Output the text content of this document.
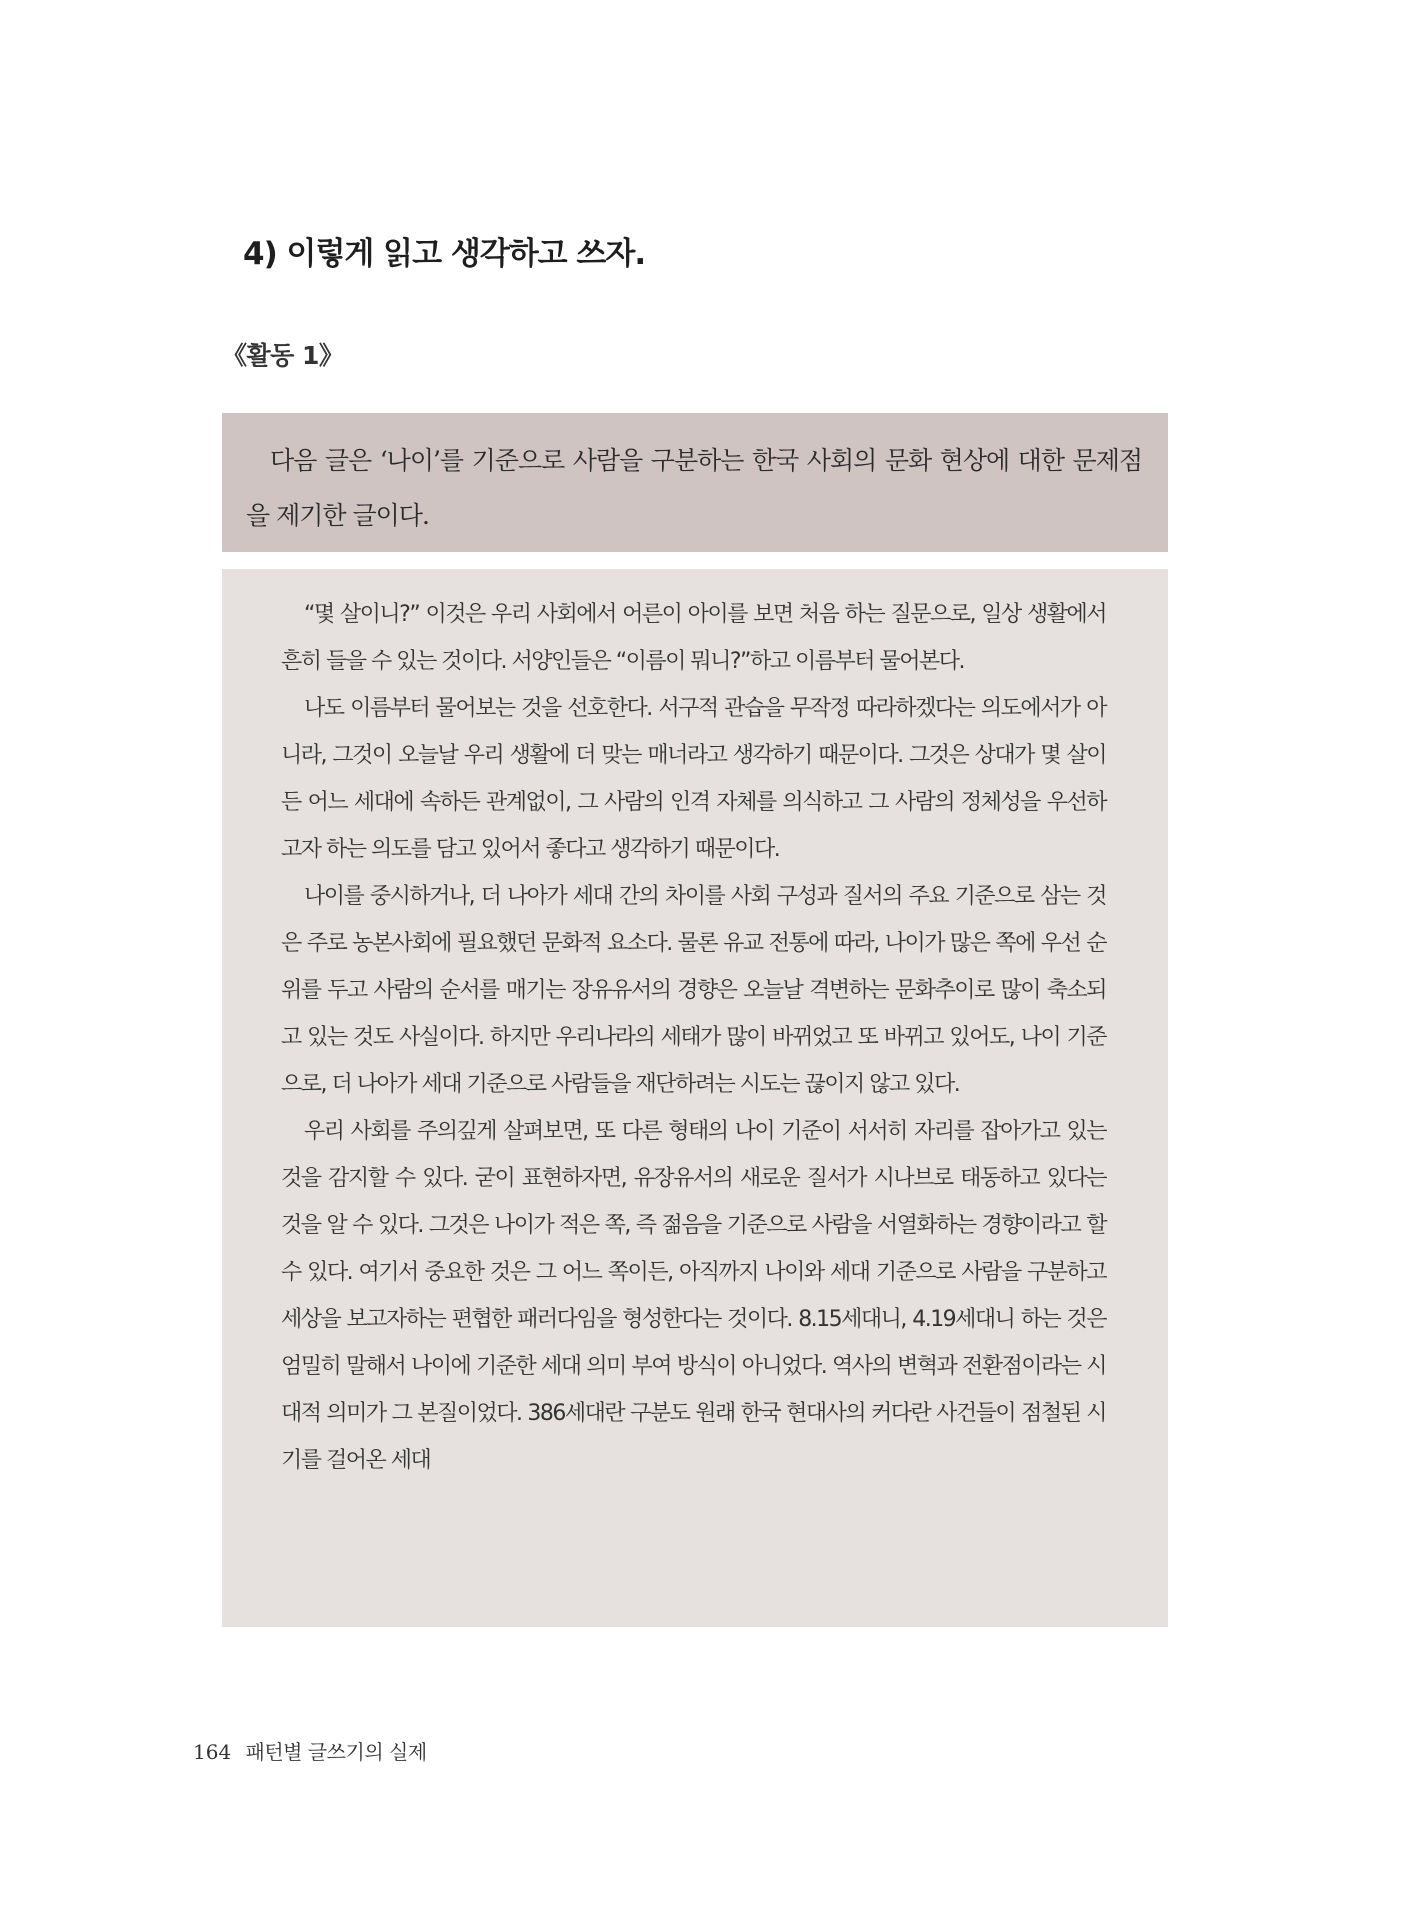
4) 이렇게 읽고 생각하고 쓰자.
《활동 1》

다음 글은 ‘나이’를 기준으로 사람을 구분하는 한국 사회의 문화 현상에 대한 문제점을 제기한 글이다.

“몇 살이니?” 이것은 우리 사회에서 어른이 아이를 보면 처음 하는 질문으로, 일상 생활에서 흔히 들을 수 있는 것이다. 서양인들은 “이름이 뭐니?”하고 이름부터 물어본다.

나도 이름부터 물어보는 것을 선호한다. 서구적 관습을 무작정 따라하겠다는 의도에서가 아니라, 그것이 오늘날 우리 생활에 더 맞는 매너라고 생각하기 때문이다. 그것은 상대가 몇 살이든 어느 세대에 속하든 관계없이, 그 사람의 인격 자체를 의식하고 그 사람의 정체성을 우선하고자 하는 의도를 담고 있어서 좋다고 생각하기 때문이다.

나이를 중시하거나, 더 나아가 세대 간의 차이를 사회 구성과 질서의 주요 기준으로 삼는 것은 주로 농본사회에 필요했던 문화적 요소다. 물론 유교 전통에 따라, 나이가 많은 쪽에 우선 순위를 두고 사람의 순서를 매기는 장유유서의 경향은 오늘날 격변하는 문화추이로 많이 축소되고 있는 것도 사실이다. 하지만 우리나라의 세태가 많이 바뀌었고 또 바뀌고 있어도, 나이 기준으로, 더 나아가 세대 기준으로 사람들을 재단하려는 시도는 끊이지 않고 있다.

우리 사회를 주의깊게 살펴보면, 또 다른 형태의 나이 기준이 서서히 자리를 잡아가고 있는 것을 감지할 수 있다. 굳이 표현하자면, 유장유서의 새로운 질서가 시나브로 태동하고 있다는 것을 알 수 있다. 그것은 나이가 적은 쪽, 즉 젊음을 기준으로 사람을 서열화하는 경향이라고 할 수 있다. 여기서 중요한 것은 그 어느 쪽이든, 아직까지 나이와 세대 기준으로 사람을 구분하고 세상을 보고자하는 편협한 패러다임을 형성한다는 것이다. 8.15세대니, 4.19세대니 하는 것은 엄밀히 말해서 나이에 기준한 세대 의미 부여 방식이 아니었다. 역사의 변혁과 전환점이라는 시대적 의미가 그 본질이었다. 386세대란 구분도 원래 한국 현대사의 커다란 사건들이 점철된 시기를 걸어온 세대

164 패턴별 글쓰기의 실제
